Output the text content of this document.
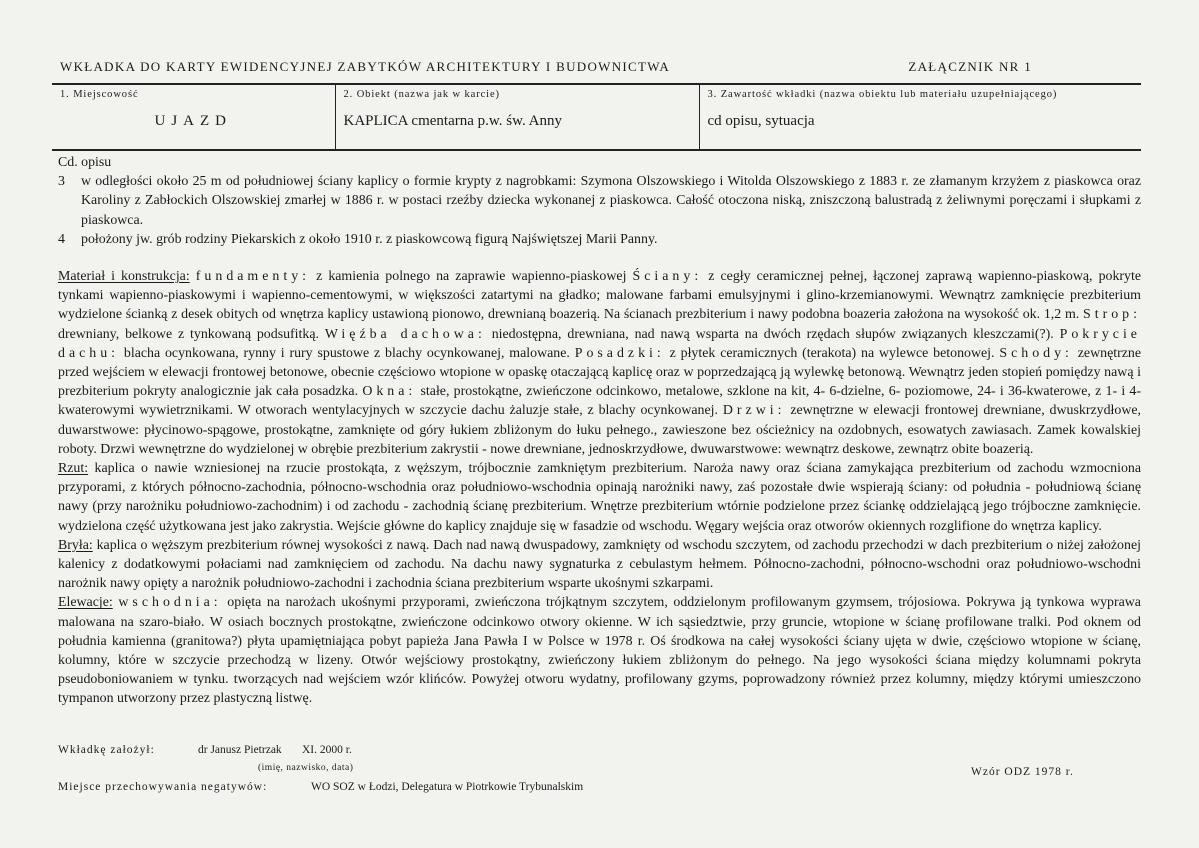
WKŁADKA DO KARTY EWIDENCYJNEJ ZABYTKÓW ARCHITEKTURY I BUDOWNICTWA	ZAŁĄCZNIK NR 1
1. Miejscowość
UJAZD

2. Obiekt (nazwa jak w karcie)
KAPLICA cmentarna p.w. św. Anny

3. Zawartość wkładki (nazwa obiektu lub materiału uzupełniającego)
cd opisu, sytuacja

Cd. opisu

3	w odległości około 25 m od południowej ściany kaplicy o formie krypty z nagrobkami: Szymona Olszowskiego i Witolda Olszowskiego z 1883 r. ze złamanym krzyżem z piaskowca oraz Karoliny z Zabłockich Olszowskiej zmarłej w 1886 r. w postaci rzeźby dziecka wykonanej z piaskowca. Całość otoczona niską, zniszczoną balustradą z żeliwnymi poręczami i słupkami z piaskowca.
4	położony jw. grób rodziny Piekarskich z około 1910 r. z piaskowcową figurą Najświętszej Marii Panny.

Materiał i konstrukcja: fundamenty: z kamienia polnego na zaprawie wapienno-piaskowej Ściany: z cegły ceramicznej pełnej, łączonej zaprawą wapienno-piaskową, pokryte tynkami wapienno-piaskowymi i wapienno-cementowymi, w większości zatartymi na gładko; malowane farbami emulsyjnymi i glino-krzemianowymi. Wewnątrz zamknięcie prezbiterium wydzielone ścianką z desek obitych od wnętrza kaplicy ustawioną pionowo, drewnianą boazerią. Na ścianach prezbiterium i nawy podobna boazeria założona na wysokość ok. 1,2 m. Strop: drewniany, belkowe z tynkowaną podsufitką. Więźba dachowa: niedostępna, drewniana, nad nawą wsparta na dwóch rzędach słupów związanych kleszczami(?). Pokrycie dachu: blacha ocynkowana, rynny i rury spustowe z blachy ocynkowanej, malowane. Posadzki: z płytek ceramicznych (terakota) na wylewce betonowej. Schody: zewnętrzne przed wejściem w elewacji frontowej betonowe, obecnie częściowo wtopione w opaskę otaczającą kaplicę oraz w poprzedzającą ją wylewkę betonową. Wewnątrz jeden stopień pomiędzy nawą i prezbiterium pokryty analogicznie jak cała posadzka. Okna: stałe, prostokątne, zwieńczone odcinkowo, metalowe, szklone na kit, 4- 6-dzielne, 6- poziomowe, 24- i 36-kwaterowe, z 1- i 4-kwaterowymi wywietrznikami. W otworach wentylacyjnych w szczycie dachu żaluzje stałe, z blachy ocynkowanej. Drzwi: zewnętrzne w elewacji frontowej drewniane, dwuskrzydłowe, duwarstwowe: płycinowo-spągowe, prostokątne, zamknięte od góry łukiem zbliżonym do łuku pełnego., zawieszone bez ościeżnicy na ozdobnych, esowatych zawiasach. Zamek kowalskiej roboty. Drzwi wewnętrzne do wydzielonej w obrębie prezbiterium zakrystii - nowe drewniane, jednoskrzydłowe, dwuwarstwowe: wewnątrz deskowe, zewnątrz obite boazerią.

Rzut: kaplica o nawie wzniesionej na rzucie prostokąta, z węższym, trójbocznie zamkniętym prezbiterium. Naroża nawy oraz ściana zamykająca prezbiterium od zachodu wzmocniona przyporami, z których północno-zachodnia, północno-wschodnia oraz południowo-wschodnia opinają narożniki nawy, zaś pozostałe dwie wspierają ściany: od południa - południową ścianę nawy (przy narożniku południowo-zachodnim) i od zachodu - zachodnią ścianę prezbiterium. Wnętrze prezbiterium wtórnie podzielone przez ściankę oddzielającą jego trójboczne zamknięcie. wydzielona część użytkowana jest jako zakrystia. Wejście główne do kaplicy znajduje się w fasadzie od wschodu. Węgary wejścia oraz otworów okiennych rozglifione do wnętrza kaplicy.

Bryła: kaplica o węższym prezbiterium równej wysokości z nawą. Dach nad nawą dwuspadowy, zamknięty od wschodu szczytem, od zachodu przechodzi w dach prezbiterium o niżej założonej kalenicy z dodatkowymi połaciami nad zamknięciem od zachodu. Na dachu nawy sygnaturka z cebulastym hełmem. Północno-zachodni, północno-wschodni oraz południowo-wschodni narożnik nawy opięty a narożnik południowo-zachodni i zachodnia ściana prezbiterium wsparte ukośnymi szkarpami.

Elewacje: wschodnia: opięta na narożach ukośnymi przyporami, zwieńczona trójkątnym szczytem, oddzielonym profilowanym gzymsem, trójosiowa. Pokrywa ją tynkowa wyprawa malowana na szaro-biało. W osiach bocznych prostokątne, zwieńczone odcinkowo otwory okienne. W ich sąsiedztwie, przy gruncie, wtopione w ścianę profilowane tralki. Pod oknem od południa kamienna (granitowa?) płyta upamiętniająca pobyt papieża Jana Pawła I w Polsce w 1978 r. Oś środkowa na całej wysokości ściany ujęta w dwie, częściowo wtopione w ścianę, kolumny, które w szczycie przechodzą w lizeny. Otwór wejściowy prostokątny, zwieńczony łukiem zbliżonym do pełnego. Na jego wysokości ściana między kolumnami pokryta pseudoboniowaniem w tynku. tworzących nad wejściem wzór klińców. Powyżej otworu wydatny, profilowany gzyms, poprowadzony również przez kolumny, między którymi umieszczono tympanon utworzony przez plastyczną listwę.

Wkładkę założył:	dr Janusz Pietrzak XI. 2000 r.
(imię, nazwisko, data)	Wzór ODZ 1978 r.
Miejsce przechowywania negatywów:	WO SOZ w Łodzi, Delegatura w Piotrkowie Trybunalskim
